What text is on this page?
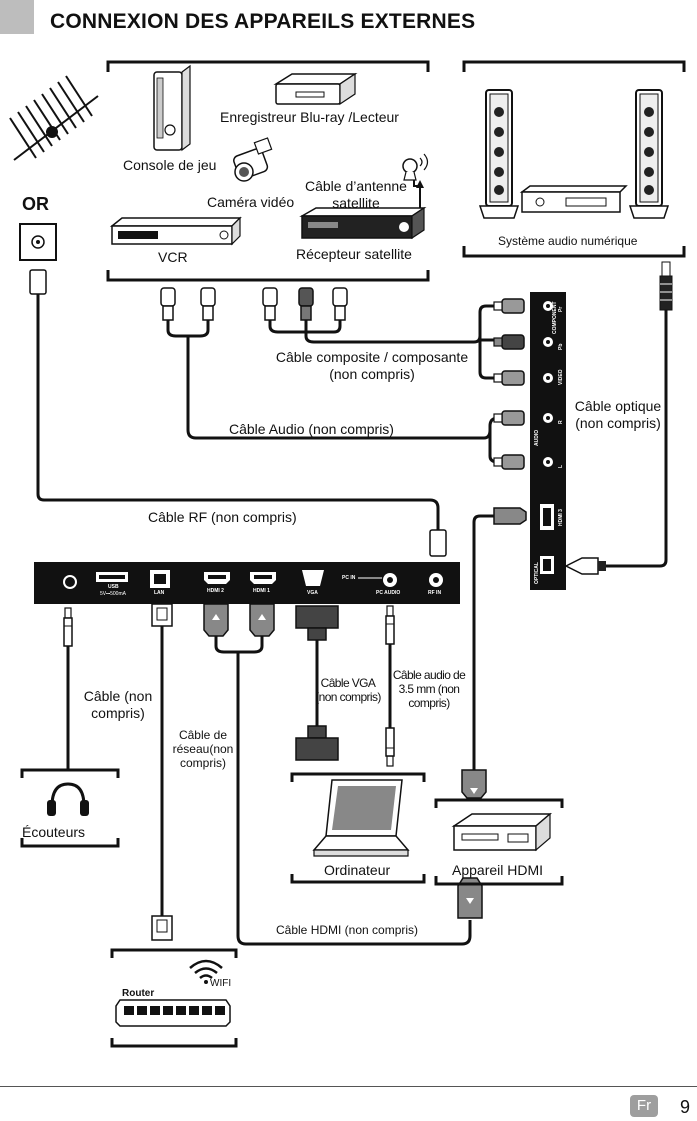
CONNEXION DES APPAREILS EXTERNES
OR
Enregistreur Blu-ray /Lecteur
Console de jeu
Caméra vidéo
Câble d’antenne
satellite
VCR	Récepteur satellite
Système audio numérique
Câble composite / composante
(non compris)
Câble Audio (non compris)
Câble optique
(non compris)
Câble RF (non compris)
Câble (non
compris)
Câble de
réseau(non
compris)
Câble VGA
(non compris)
Câble audio de
3.5 mm (non
compris)
Câble HDMI (non compris)
Écouteurs
Ordinateur	Appareil HDMI
Router
WIFI
USB
5V⎓500mA	LAN	HDMI 2	HDMI 1	VGA
PC IN
PC AUDIO	RF IN
COMPONENT
VIDEO
Pb
Pr
AUDIO
L
R
HDMI 3
OPTICAL
Fr	9
